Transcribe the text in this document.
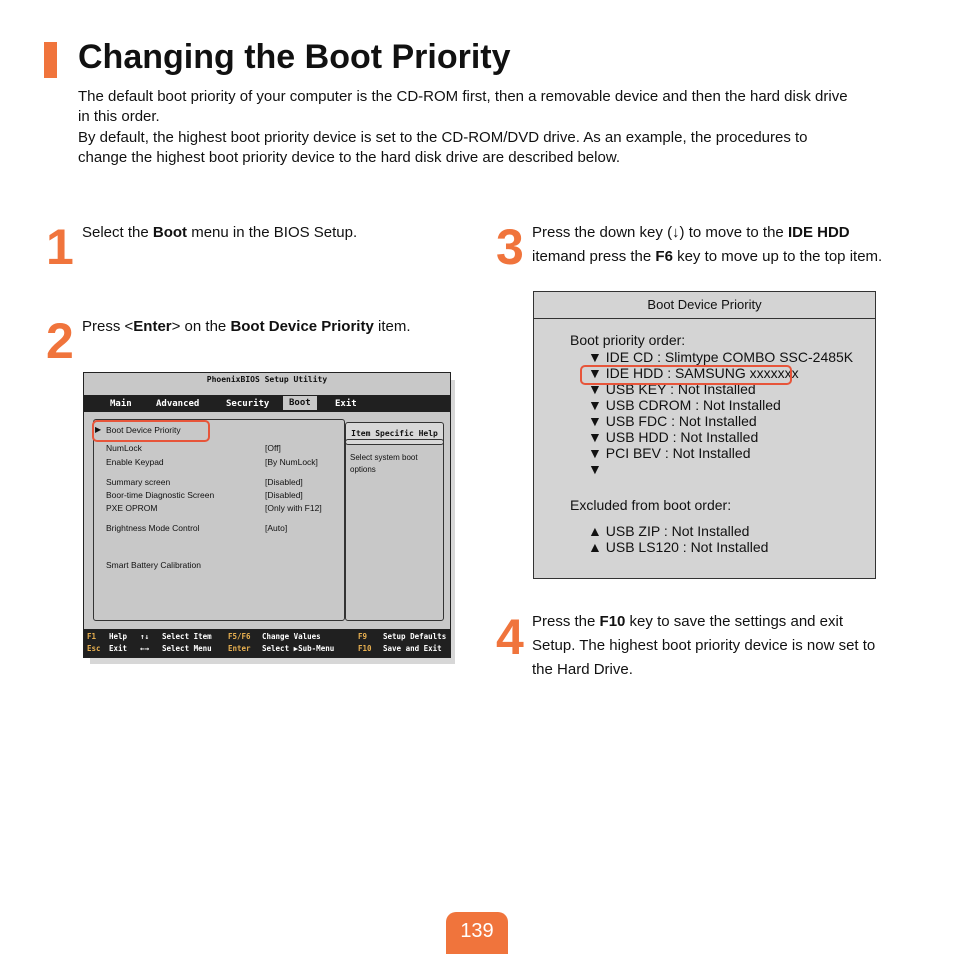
Changing the Boot Priority
The default boot priority of your computer is the CD-ROM first, then a removable device and then the hard disk drive
in this order.
By default, the highest boot priority device is set to the CD-ROM/DVD drive. As an example, the procedures to
change the highest boot priority device to the hard disk drive are described below.
1 Select the Boot menu in the BIOS Setup.
2 Press <Enter> on the Boot Device Priority item.
PhoenixBIOS Setup Utility
Main	Advanced	Security	Boot	Exit
Item Specific Help
Select system boot
options
▶ Boot Device Priority
NumLock	[Off]
Enable Keypad	[By NumLock]
Summary screen	[Disabled]
Boor-time Diagnostic Screen	[Disabled]
PXE OPROM	[Only with F12]
Brightness Mode Control	[Auto]
Smart Battery Calibration
F1 Help ↑↓ Select Item F5/F6 Change Values	F9 Setup Defaults
Esc Exit ←→ Select Menu Enter Select ▶Sub-Menu	F10 Save and Exit
3 Press the down key (↓) to move to the IDE HDD
itemand press the F6 key to move up to the top item.
Boot Device Priority
Boot priority order:
▼ IDE CD : Slimtype COMBO SSC-2485K
▼ IDE HDD : SAMSUNG xxxxxxx
▼ USB KEY : Not Installed
▼ USB CDROM : Not Installed
▼ USB FDC : Not Installed
▼ USB HDD : Not Installed
▼ PCI BEV : Not Installed
▼
Excluded from boot order:
▲ USB ZIP : Not Installed
▲ USB LS120 : Not Installed
4 Press the F10 key to save the settings and exit
Setup. The highest boot priority device is now set to
the Hard Drive.
139
